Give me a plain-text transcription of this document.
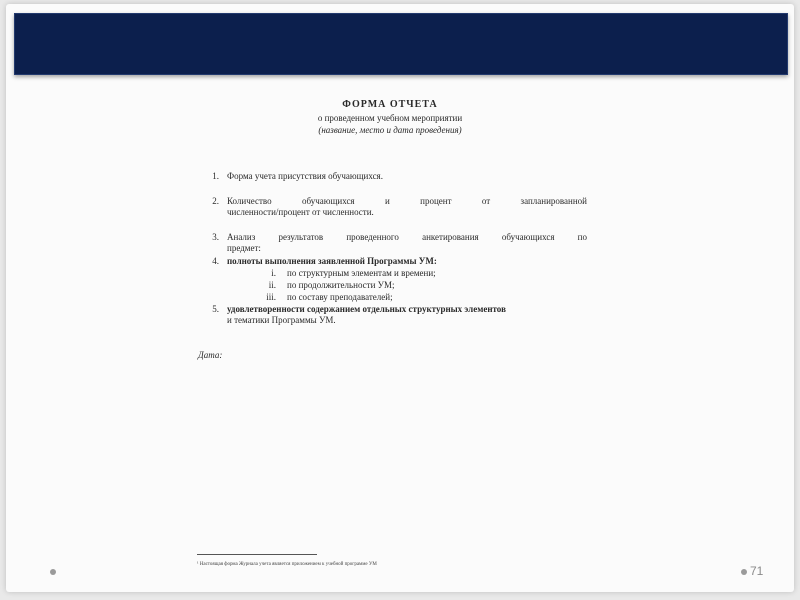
ФОРМА ОТЧЕТА
о проведенном учебном мероприятии
(название, место и дата проведения)
1. Форма учета присутствия обучающихся.
2. Количество обучающихся и процент от запланированной
численности/процент от численности.
3. Анализ результатов проведенного анкетирования обучающихся по
предмет:
4. полноты выполнения заявленной Программы УМ:
i. по структурным элементам и времени;
ii. по продолжительности УМ;
iii. по составу преподавателей;
5. удовлетворенности содержанием отдельных структурных элементов
и тематики Программы УМ.
Дата:
¹ Настоящая форма Журнала учета является приложением к учебной программе УМ	71
